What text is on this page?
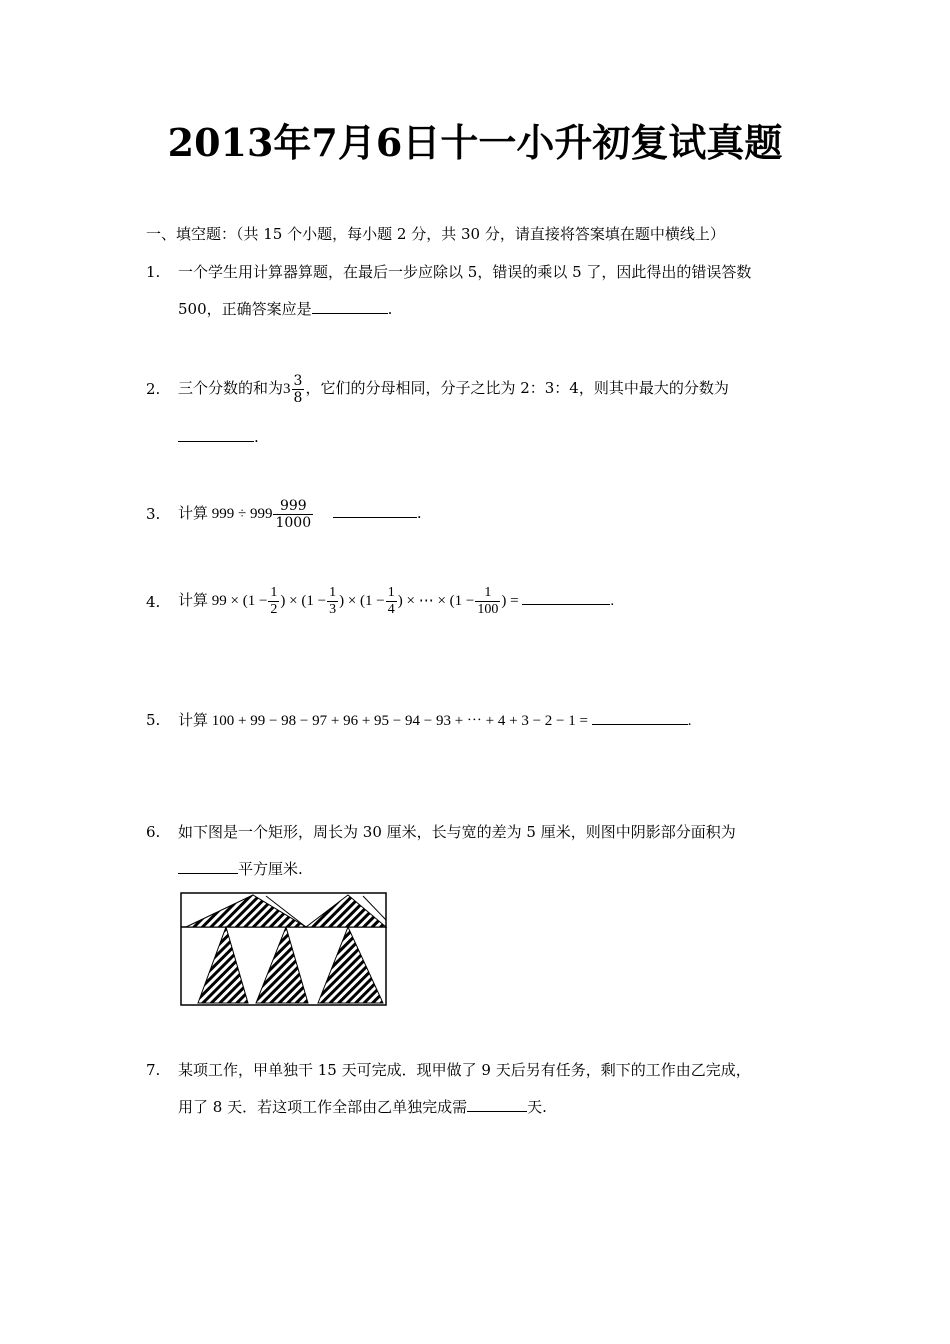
2013年7月6日十一小升初复试真题
一、填空题：（共 15 个小题，每小题 2 分，共 30 分，请直接将答案填在题中横线上）
1.	一个学生用计算器算题，在最后一步应除以 5，错误的乘以 5 了，因此得出的错误答数
500，正确答案应是	.
2.	三个分数的和为$3 \frac{3}{8}$ ，它们的分母相同，分子之比为 2：3：4，则其中最大的分数为
.
3.	计算 $999 \div 999 \frac{999}{1000}$	.
4.	计算 $99 \times (1 - \frac{1}{2}$ ) × ($1 - \frac{1}{3}$ ) × ($1 - \frac{1}{4}$ ) × ⋯ × ($1 - \frac{1}{100}$ ) =	.
5.	计算 100 + 99 − 98 − 97 + 96 + 95 − 94 − 93 + ⋯ + 4 + 3 − 2 − 1 =	.
6.	如下图是一个矩形，周长为 30 厘米，长与宽的差为 5 厘米，则图中阴影部分面积为
平方厘米.
7.	某项工作，甲单独干 15 天可完成．现甲做了 9 天后另有任务，剩下的工作由乙完成，
用了 8 天．若这项工作全部由乙单独完成需	天.
